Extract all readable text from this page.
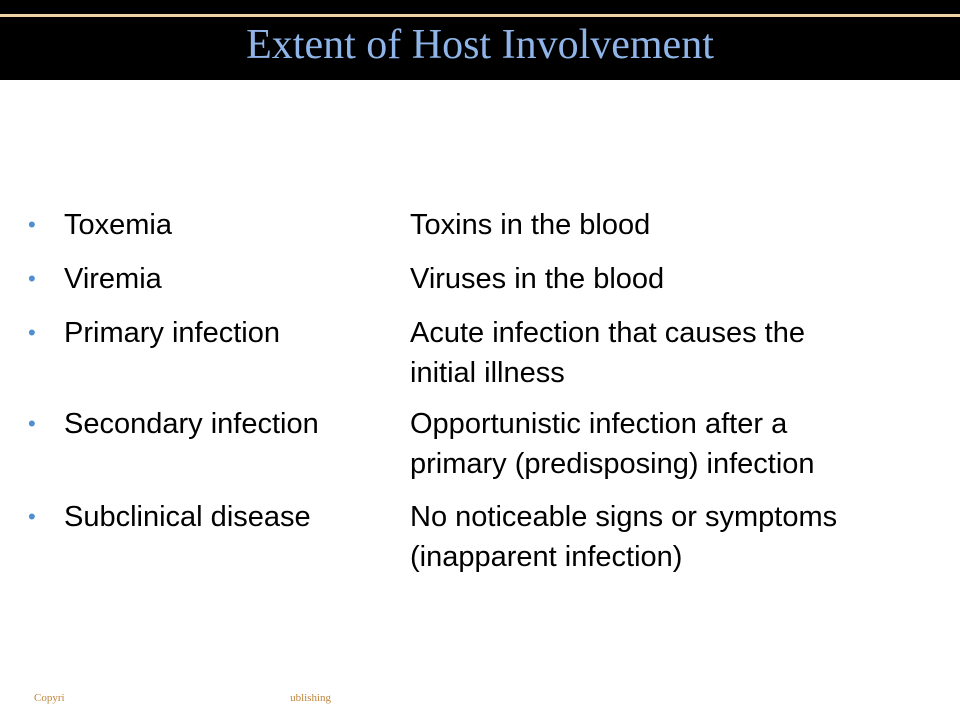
Extent of Host Involvement
• Toxemia	Toxins in the blood
• Viremia	Viruses in the blood
• Primary infection	Acute infection that causes the
initial illness
• Secondary infection	Opportunistic infection after a
primary (predisposing) infection
• Subclinical disease	No noticeable signs or symptoms
(inapparent infection)
Copyri	ublishing
